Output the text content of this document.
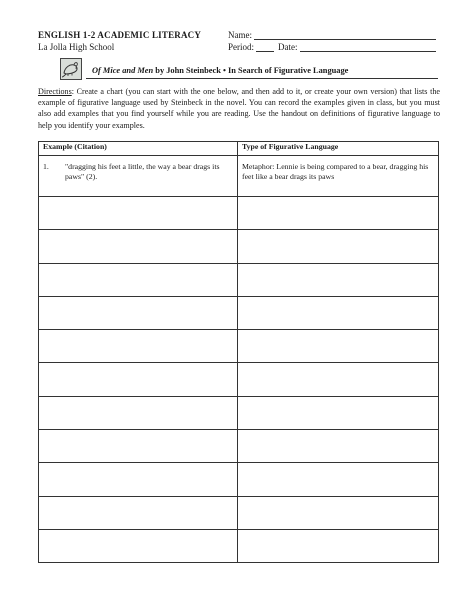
ENGLISH 1-2 ACADEMIC LITERACY
La Jolla High School
Name:
Period:	Date:
Of Mice and Men by John Steinbeck • In Search of Figurative Language
Directions: Create a chart (you can start with the one below, and then add to it, or create your own version) that lists the example of figurative language used by Steinbeck in the novel. You can record the examples given in class, but you must also add examples that you find yourself while you are reading. Use the handout on definitions of figurative language to help you identify your examples.
Example (Citation)	Type of Figurative Language

1. "dragging his feet a little, the way a bear drags its paws" (2).	Metaphor: Lennie is being compared to a bear, dragging his feet like a bear drags its paws
